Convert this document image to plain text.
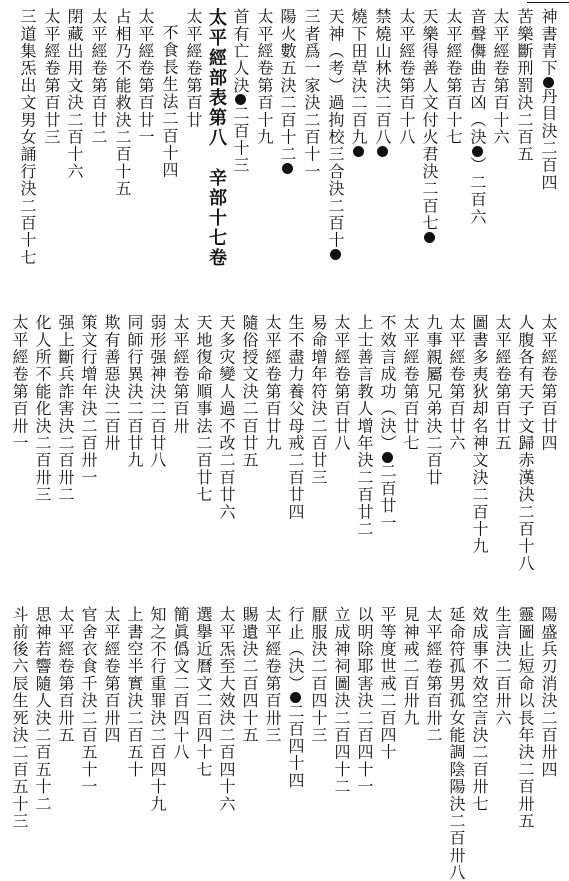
神書青下丹目決二百四
苦樂斷刑罰決二百五
太平經卷第百十六
音聲儛曲吉凶（決）二百六
太平經卷第百十七
天樂得善人文付火君決二百七
太平經卷第百十八
禁燒山林決二百八
燒下田草決二百九
天神（考）過拘校三合決二百十
三者爲一家決二百十一
陽火數五決二百十二
太平經卷第百十九
首有亡人決二百十三
太平經部表第八　辛部十七卷
太平經卷第百廿
不食長生法二百十四
太平經卷第百廿一
占相乃不能救決二百十五
太平經卷第百廿二
閉藏出用文決二百十六
太平經卷第百廿三
三道集炁出文男女誦行決二百十七
太平經卷第百廿四
人腹各有天子文歸赤漢決二百十八
太平經卷第百廿五
圖書多夷狄却名神文決二百十九
太平經卷第百廿六
九事親屬兄弟決二百廿
太平經卷第百廿七
不效言成功（決）二百廿一
上士善言教人增年決二百廿二
太平經卷第百廿八
易命增年符決二百廿三
生不盡力養父母戒二百廿四
太平經卷第百廿九
隨俗授文決二百廿五
天多灾變人過不改二百廿六
天地復命順事法二百廿七
太平經卷第百卅
弱形强神決二百廿八
同師行異決二百廿九
欺有善惡決二百卅
策文行增年決二百卅一
强上斷兵詐害決二百卅二
化人所不能化決二百卅三
太平經卷第百卅一
陽盛兵刃消決二百卅四
靈圖止短命以長年決二百卅五
生言決二百卅六
效成事不效空言決二百卅七
延命符孤男孤女能調陰陽決二百卅八
太平經卷第百卅二
見神戒二百卅九
平等度世戒二百四十
以明除耶害決二百四十一
立成神祠圖決二百四十二
厭服決二百四十三
行止（決）二百四十四
太平經卷第百卅三
賜遺決二百四十五
太平炁至大效決二百四十六
選擧近曆文二百四十七
簡眞僞文二百四十八
知之不行重罪決二百四十九
上書空半實決二百五十
太平經卷第百卅四
官舍衣食千決二百五十一
太平經卷第百卅五
思神若響隨人決二百五十二
斗前後六辰生死決二百五十三
